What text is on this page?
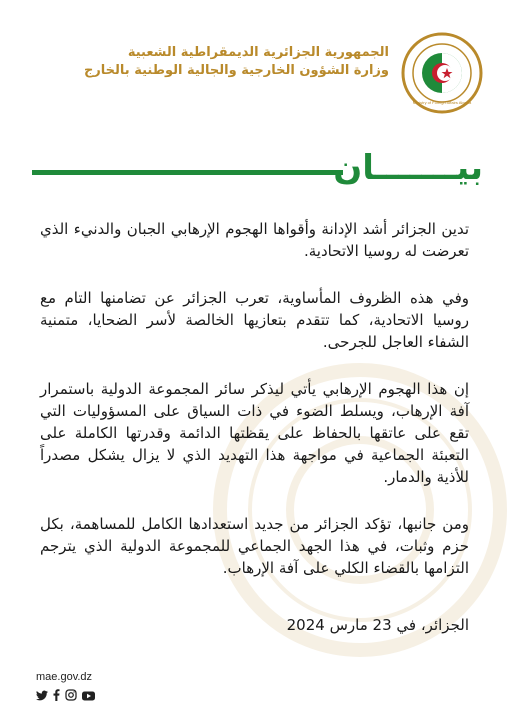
الجمهورية الجزائرية الديمقراطية الشعبية
وزارة الشؤون الخارجية والجالية الوطنية بالخارج
Ministry of Foreign Affairs Algeria
بيـــــــان

تدين الجزائر أشد الإدانة وأقواها الهجوم الإرهابي الجبان والدنيء الذي تعرضت له روسيا الاتحادية.

وفي هذه الظروف المأساوية، تعرب الجزائر عن تضامنها التام مع روسيا الاتحادية، كما تتقدم بتعازيها الخالصة لأسر الضحايا، متمنية الشفاء العاجل للجرحى.

إن هذا الهجوم الإرهابي يأتي ليذكر سائر المجموعة الدولية باستمرار آفة الإرهاب، ويسلط الضوء في ذات السياق على المسؤوليات التي تقع على عاتقها بالحفاظ على يقظتها الدائمة وقدرتها الكاملة على التعبئة الجماعية في مواجهة هذا التهديد الذي لا يزال يشكل مصدراً للأذية والدمار.

ومن جانبها، تؤكد الجزائر من جديد استعدادها الكامل للمساهمة، بكل حزم وثبات، في هذا الجهد الجماعي للمجموعة الدولية الذي يترجم التزامها بالقضاء الكلي على آفة الإرهاب.

الجزائر، في 23 مارس 2024
mae.gov.dz
